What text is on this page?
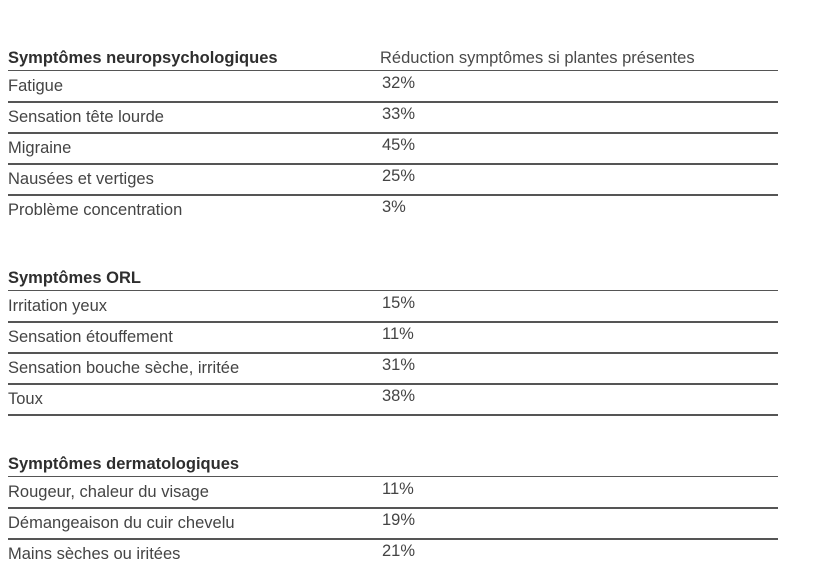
Symptômes neuropsychologiques	Réduction symptômes si plantes présentes
Fatigue	32%
Sensation tête lourde	33%
Migraine	45%
Nausées et vertiges	25%
Problème concentration	3%
Symptômes ORL
Irritation yeux	15%
Sensation étouffement	11%
Sensation bouche sèche, irritée	31%
Toux	38%
Symptômes dermatologiques
Rougeur, chaleur du visage	11%
Démangeaison du cuir chevelu	19%
Mains sèches ou iritées	21%
